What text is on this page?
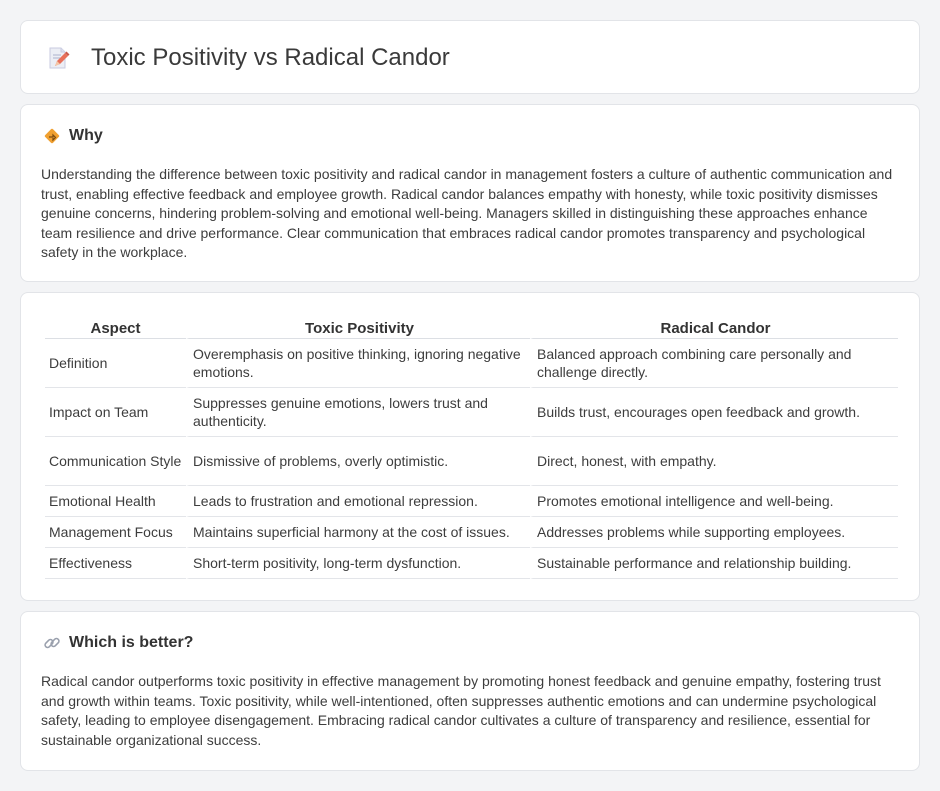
Toxic Positivity vs Radical Candor
Why

Understanding the difference between toxic positivity and radical candor in management fosters a culture of authentic communication and trust, enabling effective feedback and employee growth. Radical candor balances empathy with honesty, while toxic positivity dismisses genuine concerns, hindering problem-solving and emotional well-being. Managers skilled in distinguishing these approaches enhance team resilience and drive performance. Clear communication that embraces radical candor promotes transparency and psychological safety in the workplace.

Aspect	Toxic Positivity	Radical Candor
Definition	Overemphasis on positive thinking, ignoring negative emotions.	Balanced approach combining care personally and challenge directly.
Impact on Team	Suppresses genuine emotions, lowers trust and authenticity.	Builds trust, encourages open feedback and growth.
Communication Style	Dismissive of problems, overly optimistic.	Direct, honest, with empathy.
Emotional Health	Leads to frustration and emotional repression.	Promotes emotional intelligence and well-being.
Management Focus	Maintains superficial harmony at the cost of issues.	Addresses problems while supporting employees.
Effectiveness	Short-term positivity, long-term dysfunction.	Sustainable performance and relationship building.
Which is better?

Radical candor outperforms toxic positivity in effective management by promoting honest feedback and genuine empathy, fostering trust and growth within teams. Toxic positivity, while well-intentioned, often suppresses authentic emotions and can undermine psychological safety, leading to employee disengagement. Embracing radical candor cultivates a culture of transparency and resilience, essential for sustainable organizational success.
